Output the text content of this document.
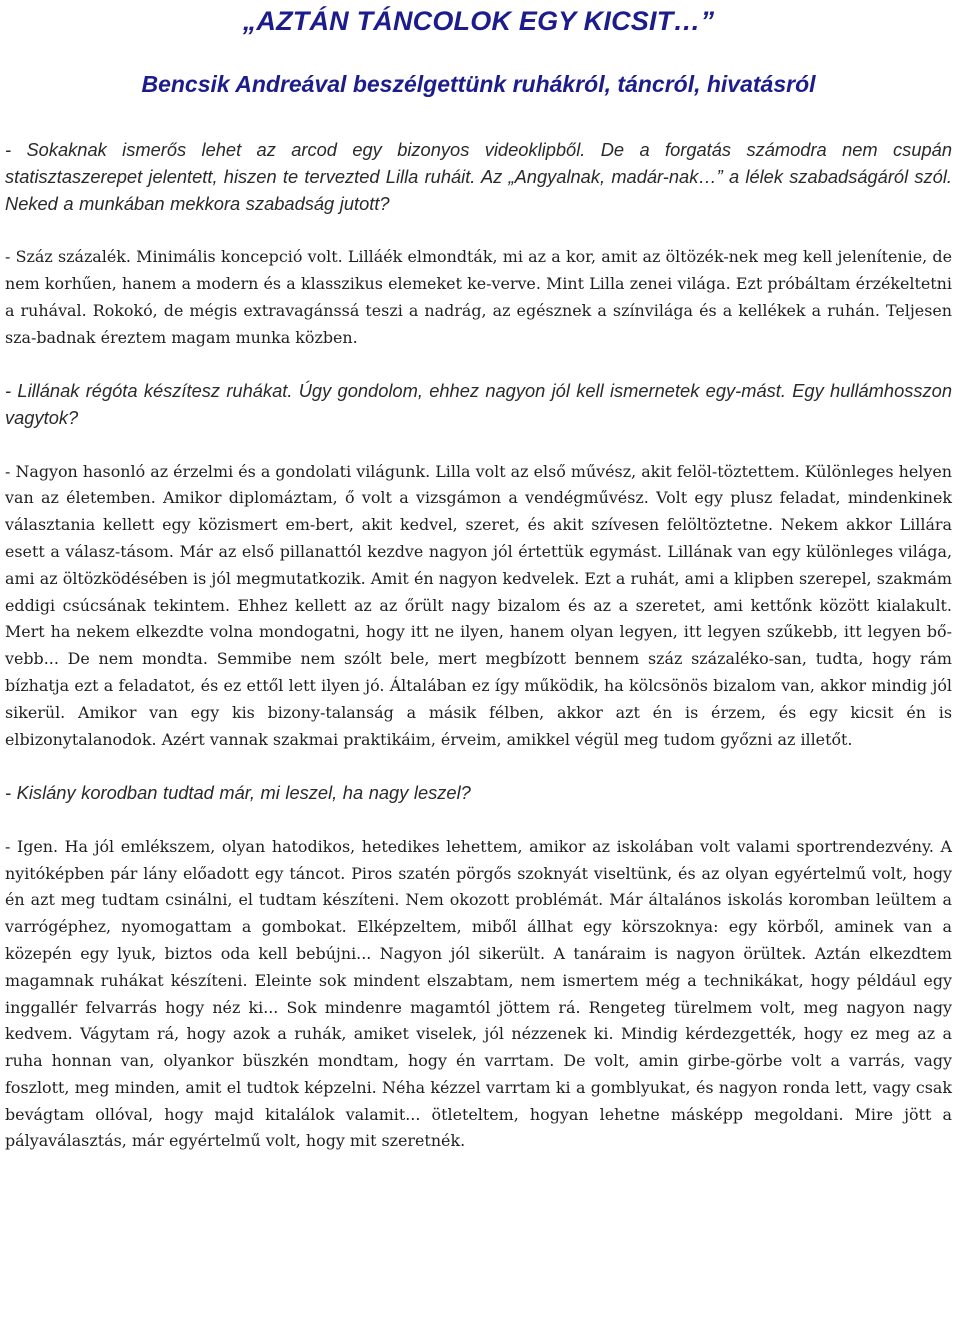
„AZTÁN TÁNCOLOK EGY KICSIT…”
Bencsik Andreával beszélgettünk ruhákról, táncról, hivatásról

- Sokaknak ismerős lehet az arcod egy bizonyos videoklipből. De a forgatás számodra nem csupán statisztaszerepet jelentett, hiszen te tervezted Lilla ruháit. Az „Angyalnak, madár-nak…” a lélek szabadságáról szól. Neked a munkában mekkora szabadság jutott?

- Száz százalék. Minimális koncepció volt. Lilláék elmondták, mi az a kor, amit az öltözék-nek meg kell jelenítenie, de nem korhűen, hanem a modern és a klasszikus elemeket ke-verve. Mint Lilla zenei világa. Ezt próbáltam érzékeltetni a ruhával. Rokokó, de mégis extravagánssá teszi a nadrág, az egésznek a színvilága és a kellékek a ruhán. Teljesen sza-badnak éreztem magam munka közben.

- Lillának régóta készítesz ruhákat. Úgy gondolom, ehhez nagyon jól kell ismernetek egy-mást. Egy hullámhosszon vagytok?

- Nagyon hasonló az érzelmi és a gondolati világunk. Lilla volt az első művész, akit felöl-töztettem. Különleges helyen van az életemben. Amikor diplomáztam, ő volt a vizsgámon a vendégművész. Volt egy plusz feladat, mindenkinek választania kellett egy közismert em-bert, akit kedvel, szeret, és akit szívesen felöltöztetne. Nekem akkor Lillára esett a válasz-tásom. Már az első pillanattól kezdve nagyon jól értettük egymást. Lillának van egy különleges világa, ami az öltözködésében is jól megmutatkozik. Amit én nagyon kedvelek. Ezt a ruhát, ami a klipben szerepel, szakmám eddigi csúcsának tekintem. Ehhez kellett az az őrült nagy bizalom és az a szeretet, ami kettőnk között kialakult. Mert ha nekem elkezdte volna mondogatni, hogy itt ne ilyen, hanem olyan legyen, itt legyen szűkebb, itt legyen bő-vebb... De nem mondta. Semmibe nem szólt bele, mert megbízott bennem száz százaléko-san, tudta, hogy rám bízhatja ezt a feladatot, és ez ettől lett ilyen jó. Általában ez így működik, ha kölcsönös bizalom van, akkor mindig jól sikerül. Amikor van egy kis bizony-talanság a másik félben, akkor azt én is érzem, és egy kicsit én is elbizonytalanodok. Azért vannak szakmai praktikáim, érveim, amikkel végül meg tudom győzni az illetőt.

- Kislány korodban tudtad már, mi leszel, ha nagy leszel?

- Igen. Ha jól emlékszem, olyan hatodikos, hetedikes lehettem, amikor az iskolában volt valami sportrendezvény. A nyitóképben pár lány előadott egy táncot. Piros szatén pörgős szoknyát viseltünk, és az olyan egyértelmű volt, hogy én azt meg tudtam csinálni, el tudtam készíteni. Nem okozott problémát. Már általános iskolás koromban leültem a varrógéphez, nyomogattam a gombokat. Elképzeltem, miből állhat egy körszoknya: egy körből, aminek van a közepén egy lyuk, biztos oda kell bebújni... Nagyon jól sikerült. A tanáraim is nagyon örültek. Aztán elkezdtem magamnak ruhákat készíteni. Eleinte sok mindent elszabtam, nem ismertem még a technikákat, hogy például egy inggallér felvarrás hogy néz ki... Sok mindenre magamtól jöttem rá. Rengeteg türelmem volt, meg nagyon nagy kedvem. Vágytam rá, hogy azok a ruhák, amiket viselek, jól nézzenek ki. Mindig kérdezgették, hogy ez meg az a ruha honnan van, olyankor büszkén mondtam, hogy én varrtam. De volt, amin girbe-görbe volt a varrás, vagy foszlott, meg minden, amit el tudtok képzelni. Néha kézzel varrtam ki a gomblyukat, és nagyon ronda lett, vagy csak bevágtam ollóval, hogy majd kitalálok valamit... ötleteltem, hogyan lehetne másképp megoldani. Mire jött a pályaválasztás, már egyértelmű volt, hogy mit szeretnék.
